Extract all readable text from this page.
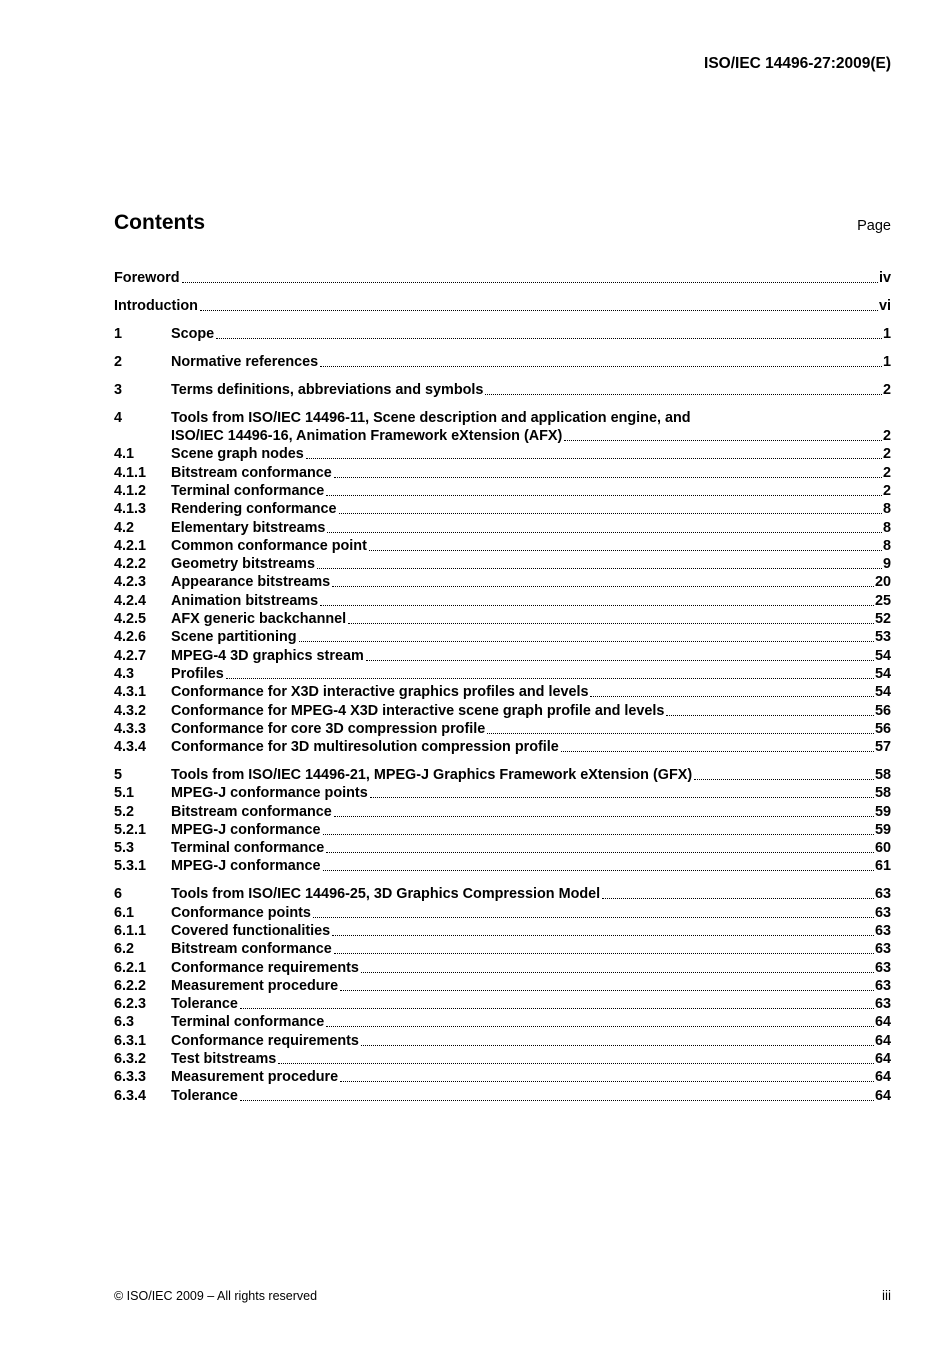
ISO/IEC 14496-27:2009(E)
Contents	Page
Foreword	iv
Introduction	vi
1	Scope	1
2	Normative references	1
3	Terms definitions, abbreviations and symbols	2
4	Tools from ISO/IEC 14496-11, Scene description and application engine, and
ISO/IEC 14496-16, Animation Framework eXtension (AFX)	2
4.1	Scene graph nodes	2
4.1.1	Bitstream conformance	2
4.1.2	Terminal conformance	2
4.1.3	Rendering conformance	8
4.2	Elementary bitstreams	8
4.2.1	Common conformance point	8
4.2.2	Geometry bitstreams	9
4.2.3	Appearance bitstreams	20
4.2.4	Animation bitstreams	25
4.2.5	AFX generic backchannel	52
4.2.6	Scene partitioning	53
4.2.7	MPEG-4 3D graphics stream	54
4.3	Profiles	54
4.3.1	Conformance for X3D interactive graphics profiles and levels	54
4.3.2	Conformance for MPEG-4 X3D interactive scene graph profile and levels	56
4.3.3	Conformance for core 3D compression profile	56
4.3.4	Conformance for 3D multiresolution compression profile	57
5	Tools from ISO/IEC 14496-21, MPEG-J Graphics Framework eXtension (GFX)	58
5.1	MPEG-J conformance points	58
5.2	Bitstream conformance	59
5.2.1	MPEG-J conformance	59
5.3	Terminal conformance	60
5.3.1	MPEG-J conformance	61
6	Tools from ISO/IEC 14496-25, 3D Graphics Compression Model	63
6.1	Conformance points	63
6.1.1	Covered functionalities	63
6.2	Bitstream conformance	63
6.2.1	Conformance requirements	63
6.2.2	Measurement procedure	63
6.2.3	Tolerance	63
6.3	Terminal conformance	64
6.3.1	Conformance requirements	64
6.3.2	Test bitstreams	64
6.3.3	Measurement procedure	64
6.3.4	Tolerance	64
© ISO/IEC 2009 – All rights reserved	iii
